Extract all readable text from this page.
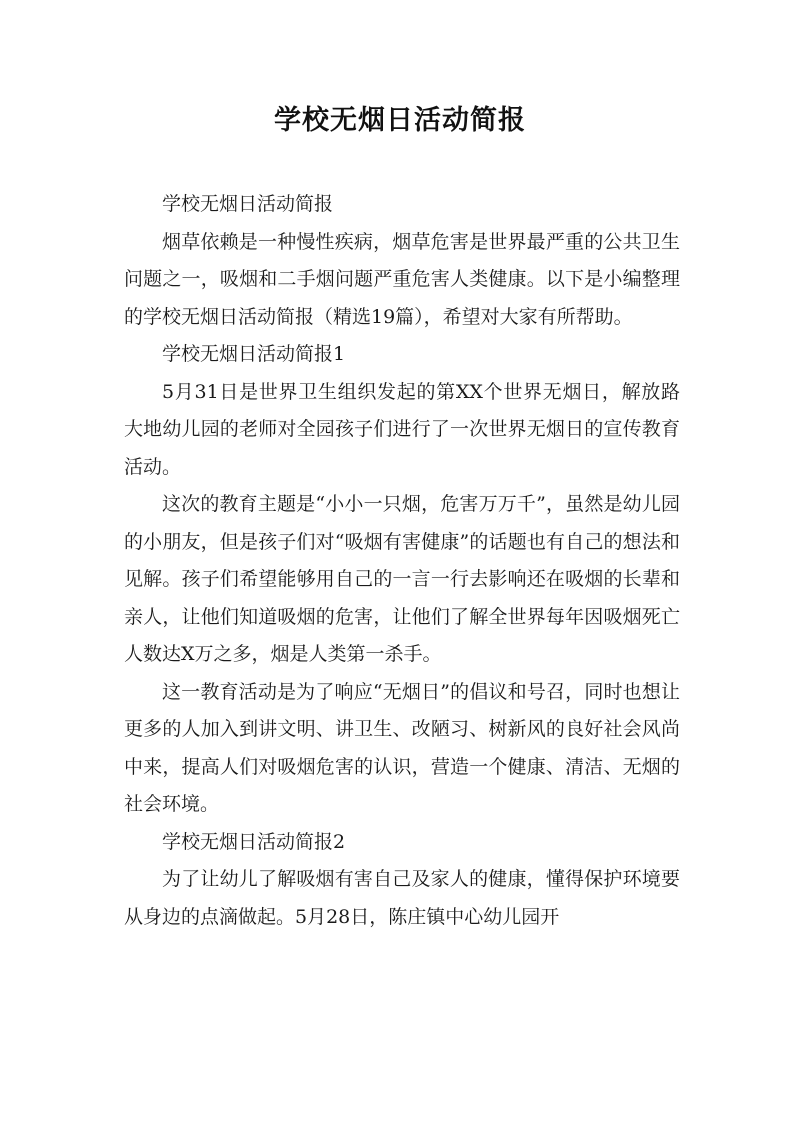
学校无烟日活动简报

学校无烟日活动简报

烟草依赖是一种慢性疾病，烟草危害是世界最严重的公共卫生问题之一，吸烟和二手烟问题严重危害人类健康。以下是小编整理的学校无烟日活动简报（精选19篇），希望对大家有所帮助。

学校无烟日活动简报1

5月31日是世界卫生组织发起的第XX个世界无烟日，解放路大地幼儿园的老师对全园孩子们进行了一次世界无烟日的宣传教育活动。

这次的教育主题是“小小一只烟，危害万万千”，虽然是幼儿园的小朋友，但是孩子们对“吸烟有害健康”的话题也有自己的想法和见解。孩子们希望能够用自己的一言一行去影响还在吸烟的长辈和亲人，让他们知道吸烟的危害，让他们了解全世界每年因吸烟死亡人数达X万之多，烟是人类第一杀手。

这一教育活动是为了响应“无烟日”的倡议和号召，同时也想让更多的人加入到讲文明、讲卫生、改陋习、树新风的良好社会风尚中来，提高人们对吸烟危害的认识，营造一个健康、清洁、无烟的社会环境。

学校无烟日活动简报2

为了让幼儿了解吸烟有害自己及家人的健康，懂得保护环境要从身边的点滴做起。5月28日，陈庄镇中心幼儿园开
